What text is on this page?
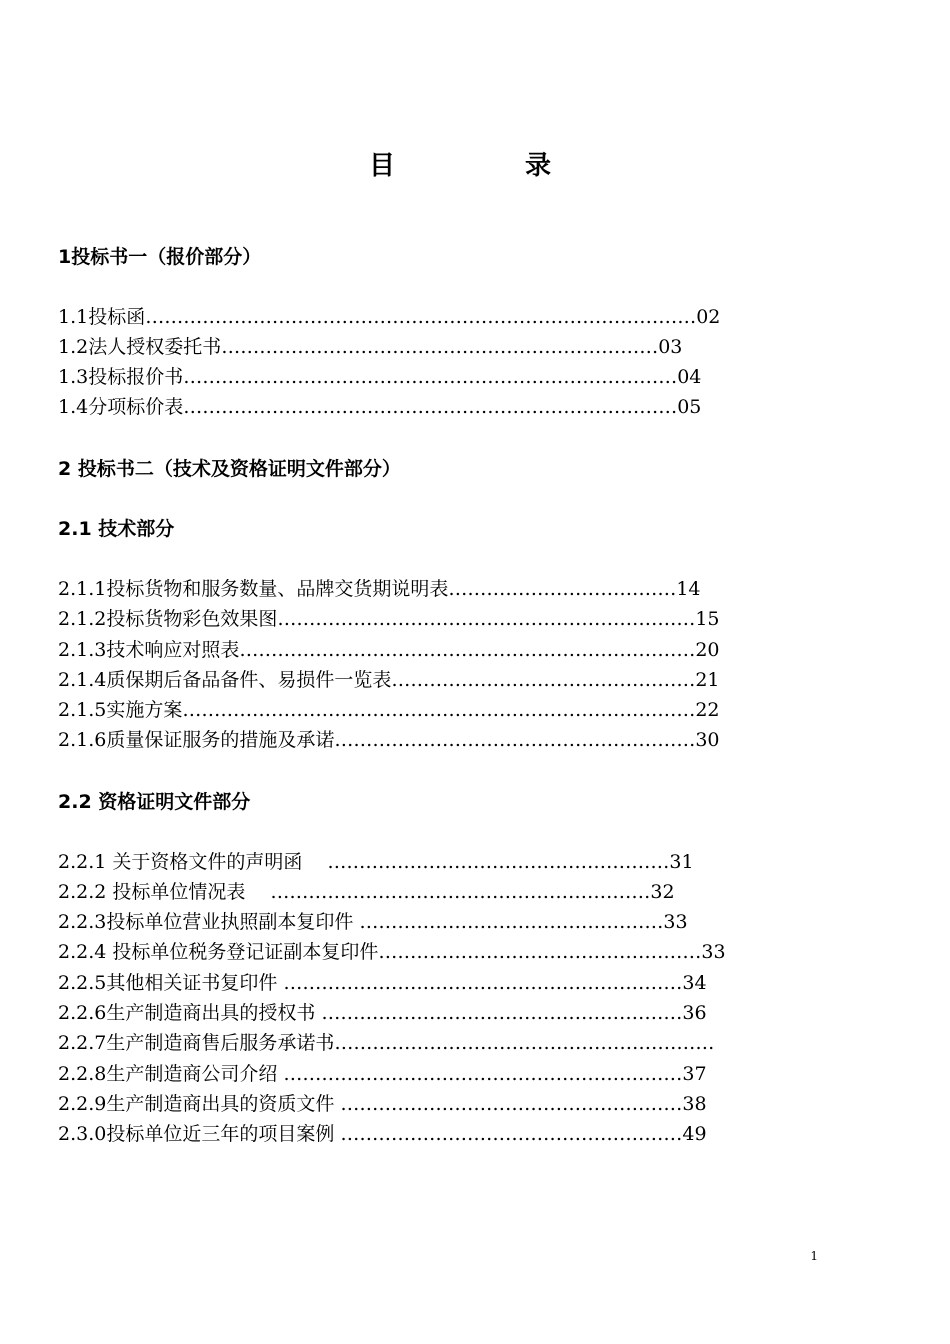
目　录
1投标书一（报价部分）
1.1投标函……………………………………………………………………………02
1.2法人授权委托书……………………………………………………………03
1.3投标报价书……………………………………………………………………04
1.4分项标价表……………………………………………………………………05
2 投标书二（技术及资格证明文件部分）
2.1 技术部分
2.1.1投标货物和服务数量、品牌交货期说明表………………………………14
2.1.2投标货物彩色效果图…………………………………………………………15
2.1.3技术响应对照表………………………………………………………………20
2.1.4质保期后备品备件、易损件一览表…………………………………………21
2.1.5实施方案………………………………………………………………………22
2.1.6质量保证服务的措施及承诺…………………………………………………30
2.2 资格证明文件部分
2.2.1 关于资格文件的声明函　 ………………………………………………31
2.2.2 投标单位情况表　 ……………………………………………………32
2.2.3投标单位营业执照副本复印件 …………………………………………33
2.2.4 投标单位税务登记证副本复印件……………………………………………33
2.2.5其他相关证书复印件 ………………………………………………………34
2.2.6生产制造商出具的授权书 …………………………………………………36
2.2.7生产制造商售后服务承诺书……………………………………………………
2.2.8生产制造商公司介绍 ………………………………………………………37
2.2.9生产制造商出具的资质文件 ………………………………………………38
2.3.0投标单位近三年的项目案例 ………………………………………………49
1
